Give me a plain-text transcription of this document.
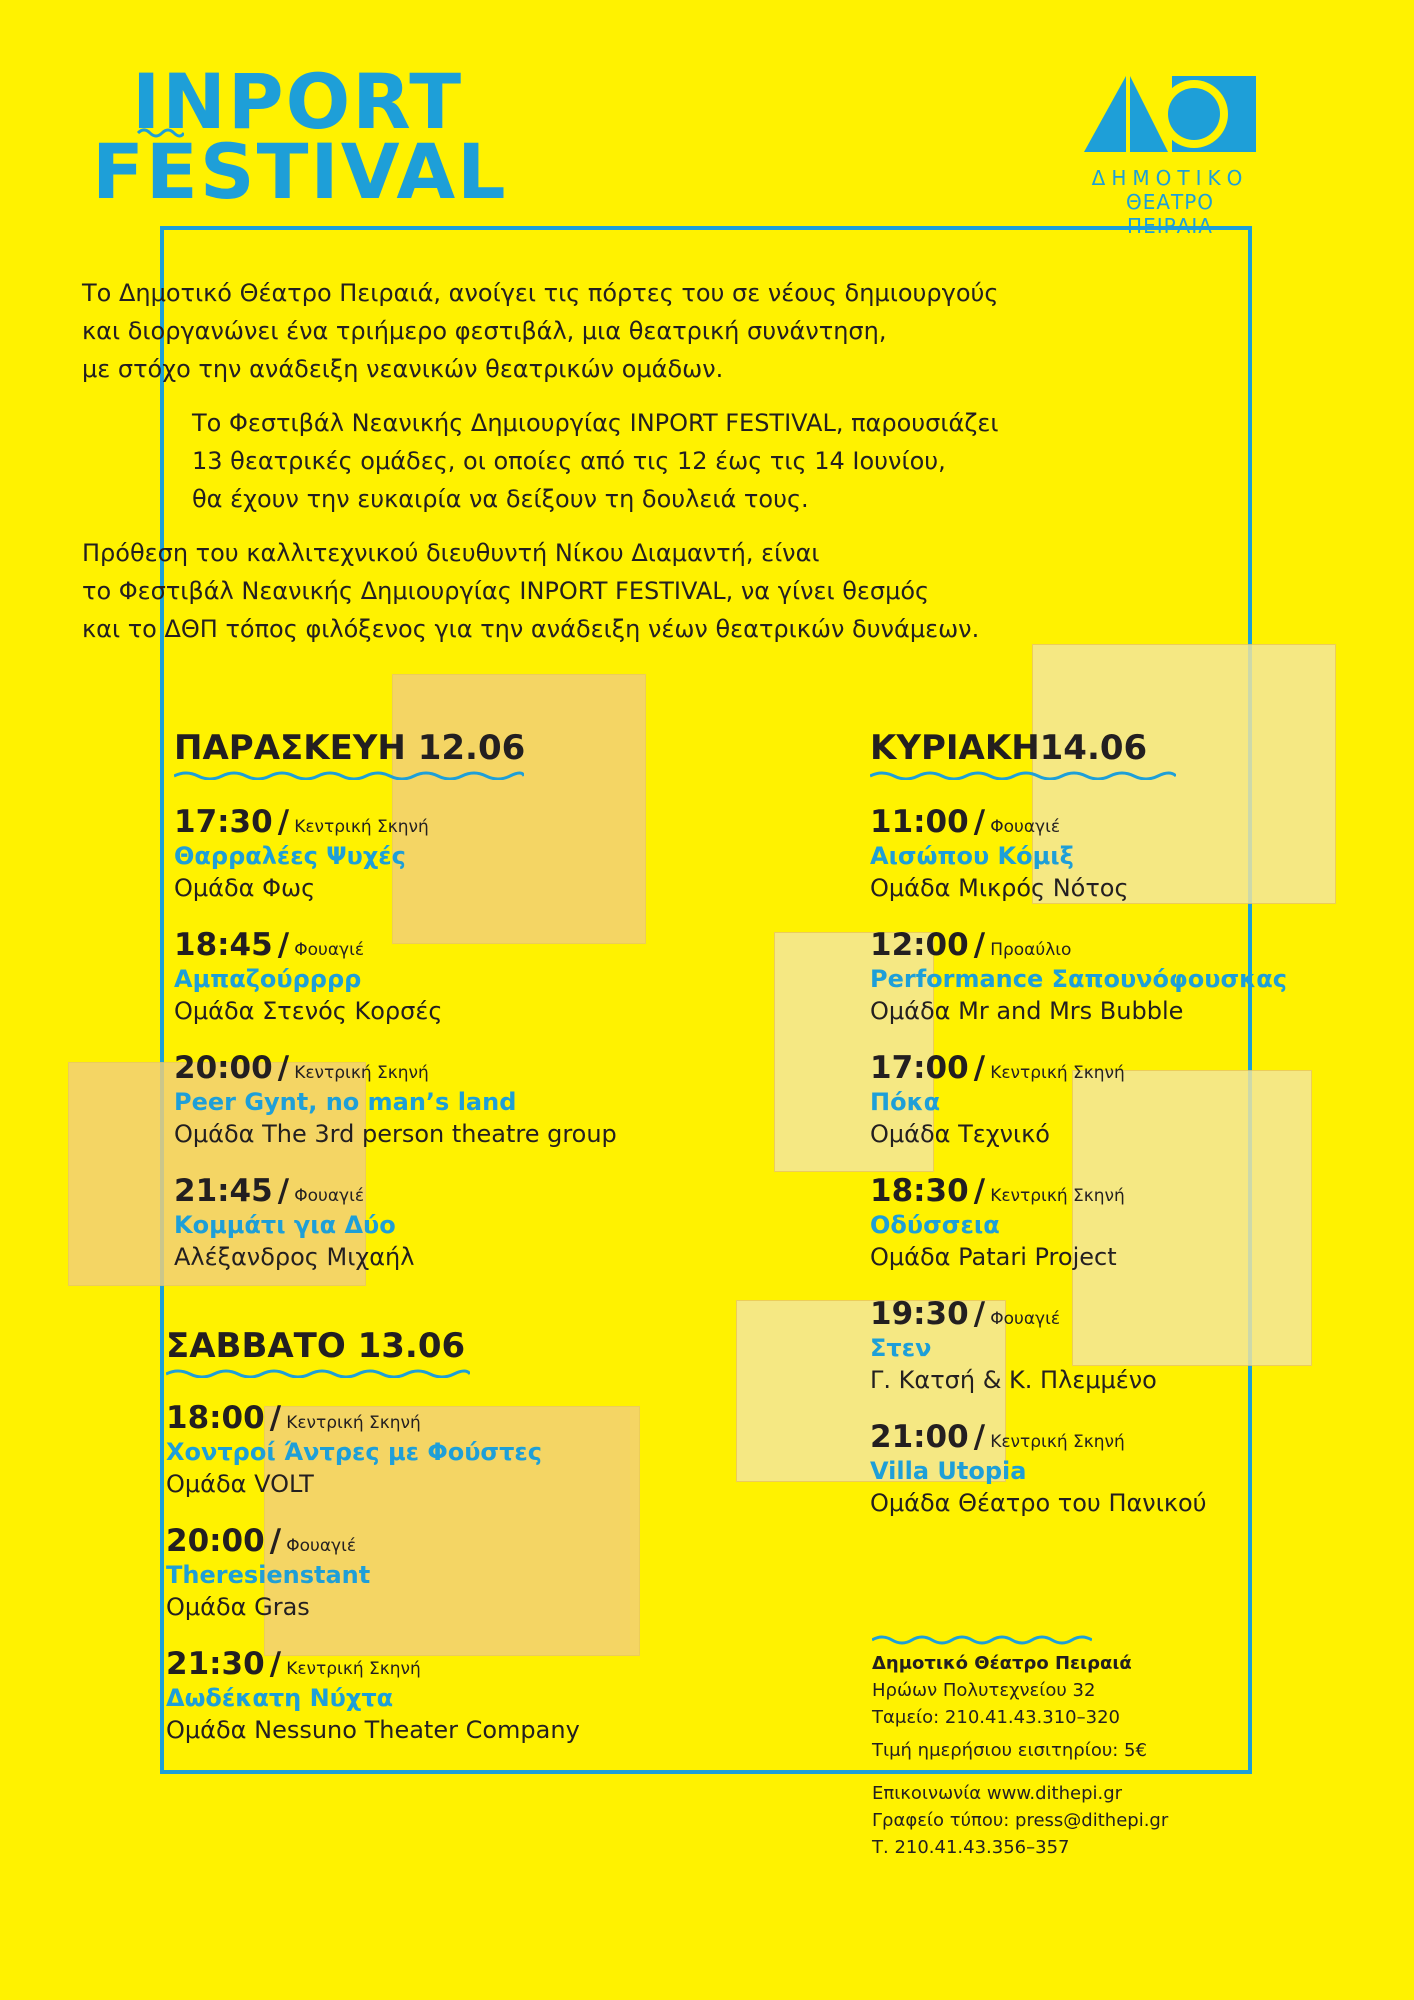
INPORT
FESTIVAL	ΔΗΜΟΤΙΚΟ
ΘΕΑΤΡΟ ΠΕΙΡΑΙΑ
Το Δημοτικό Θέατρο Πειραιά, ανοίγει τις πόρτες του σε νέους δημιουργούς
και διοργανώνει ένα τριήμερο φεστιβάλ, μια θεατρική συνάντηση,
με στόχο την ανάδειξη νεανικών θεατρικών ομάδων.
Το Φεστιβάλ Νεανικής Δημιουργίας INPORT FESTIVAL, παρουσιάζει
13 θεατρικές ομάδες, οι οποίες από τις 12 έως τις 14 Ιουνίου,
θα έχουν την ευκαιρία να δείξουν τη δουλειά τους.
Πρόθεση του καλλιτεχνικού διευθυντή Νίκου Διαμαντή, είναι
το Φεστιβάλ Νεανικής Δημιουργίας INPORT FESTIVAL, να γίνει θεσμός
και το ΔΘΠ τόπος φιλόξενος για την ανάδειξη νέων θεατρικών δυνάμεων.
ΠΑΡΑΣΚΕΥΗ 12.06
17:30 / Κεντρική Σκηνή
Θαρραλέες Ψυχές
Ομάδα Φως
18:45 / Φουαγιέ
Αμπαζούρρρρ
Ομάδα Στενός Κορσές
20:00 / Κεντρική Σκηνή
Peer Gynt, no man’s land
Ομάδα The 3rd person theatre group
21:45 / Φουαγιέ
Κομμάτι για Δύο
Αλέξανδρος Μιχαήλ
ΣΑΒΒΑΤΟ 13.06
18:00 / Κεντρική Σκηνή
Χοντροί Άντρες με Φούστες
Ομάδα VOLT
20:00 / Φουαγιέ
Theresienstant
Ομάδα Gras
21:30 / Κεντρική Σκηνή
Δωδέκατη Νύχτα
Ομάδα Nessuno Theater Company
ΚΥΡΙΑΚΗ14.06
11:00 / Φουαγιέ
Αισώπου Κόμιξ
Ομάδα Μικρός Νότος
12:00 / Προαύλιο
Performance Σαπουνόφουσκας
Ομάδα Mr and Mrs Bubble
17:00 / Κεντρική Σκηνή
Πόκα
Ομάδα Τεχνικό
18:30 / Κεντρική Σκηνή
Οδύσσεια
Ομάδα Patari Project
19:30 / Φουαγιέ
Στεν
Γ. Κατσή & Κ. Πλεμμένο
21:00 / Κεντρική Σκηνή
Villa Utopia
Ομάδα Θέατρο του Πανικού
Δημοτικό Θέατρο Πειραιά
Ηρώων Πολυτεχνείου 32
Ταμείο: 210.41.43.310–320
Τιμή ημερήσιου εισιτηρίου: 5€
Επικοινωνία www.dithepi.gr
Γραφείο τύπου: press@dithepi.gr
Τ. 210.41.43.356–357
